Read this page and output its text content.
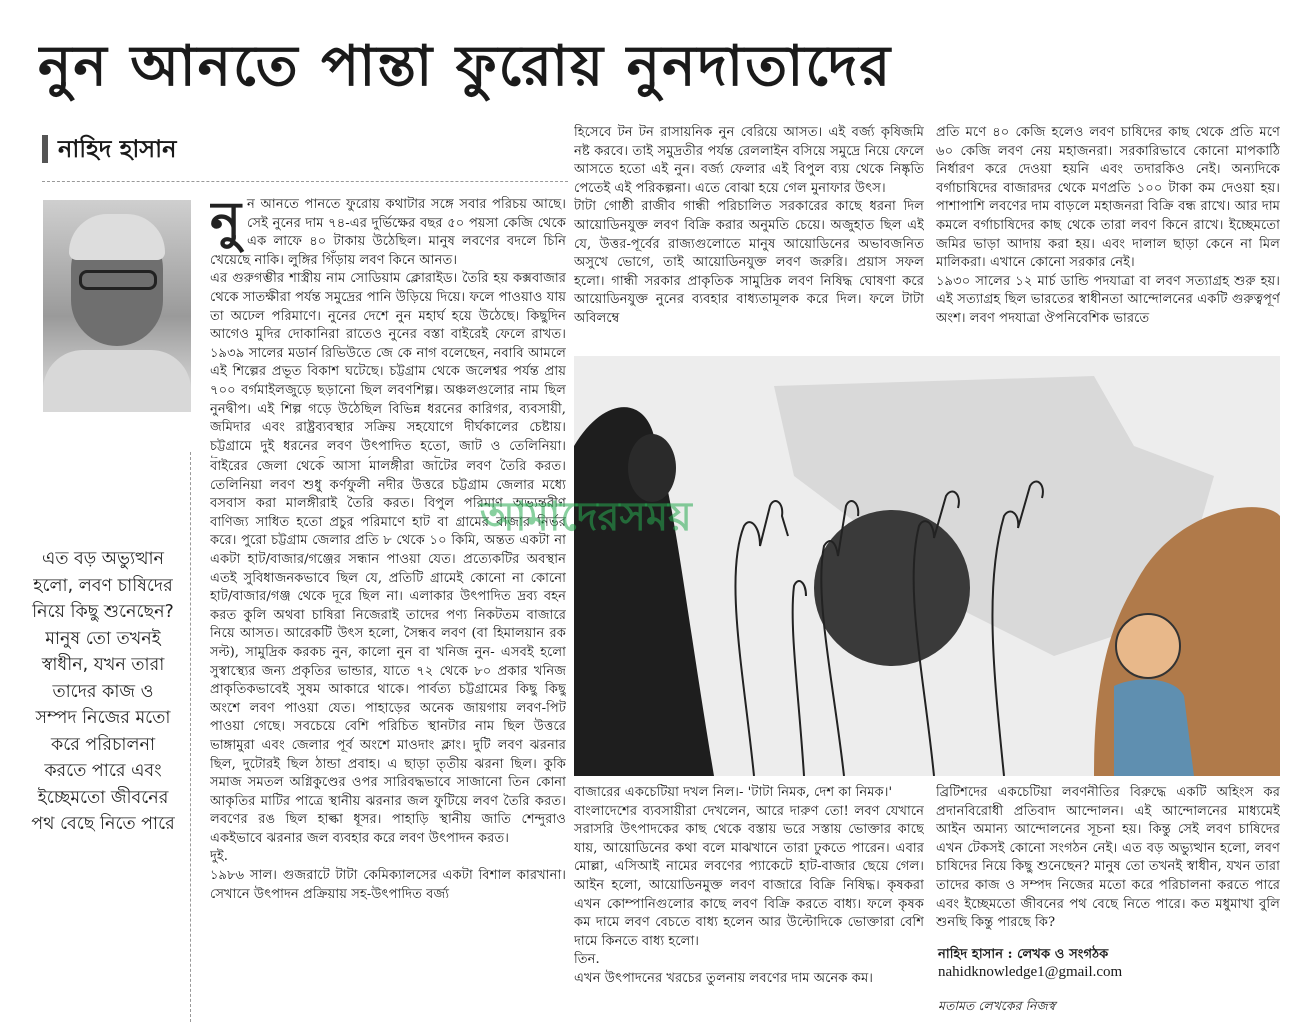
নুন আনতে পান্তা ফুরোয় নুনদাতাদের
নাহিদ হাসান

নুন আনতে পানতে ফুরোয় কথাটার সঙ্গে সবার পরিচয় আছে। সেই নুনের দাম ৭৪-এর দুর্ভিক্ষের বছর ৫০ পয়সা কেজি থেকে এক লাফে ৪০ টাকায় উঠেছিল। মানুষ লবণের বদলে চিনি খেয়েছে নাকি। লুঙ্গির গিঁড়ায় লবণ কিনে আনত।

এর গুরুগম্ভীর শাস্ত্রীয় নাম সোডিয়াম ক্লোরাইড। তৈরি হয় কক্সবাজার থেকে সাতক্ষীরা পর্যন্ত সমুদ্রের পানি উড়িয়ে দিয়ে। ফলে পাওয়াও যায় তা অঢেল পরিমাণে। নুনের দেশে নুন মহার্ঘ হয়ে উঠেছে। কিছুদিন আগেও মুদির দোকানিরা রাতেও নুনের বস্তা বাইরেই ফেলে রাখত। ১৯৩৯ সালের মডার্ন রিভিউতে জে কে নাগ বলেছেন, নবাবি আমলে এই শিল্পের প্রভূত বিকাশ ঘটেছে। চট্টগ্রাম থেকে জলেশ্বর পর্যন্ত প্রায় ৭০০ বর্গমাইলজুড়ে ছড়ানো ছিল লবণশিল্প। অঞ্চলগুলোর নাম ছিল নুনদ্বীপ। এই শিল্প গড়ে উঠেছিল বিভিন্ন ধরনের কারিগর, ব্যবসায়ী, জমিদার এবং রাষ্ট্রব্যবস্থার সক্রিয় সহযোগে দীর্ঘকালের চেষ্টায়। চট্টগ্রামে দুই ধরনের লবণ উৎপাদিত হতো, জাট ও তেলিনিয়া।

বাইরের জেলা থেকে আসা মালঙ্গীরা জাটের লবণ তৈরি করত। তেলিনিয়া লবণ শুধু কর্ণফুলী নদীর উত্তরে চট্টগ্রাম জেলার মধ্যে বসবাস করা মালঙ্গীরাই তৈরি করত। বিপুল পরিমাণ অভ্যন্তরীণ বাণিজ্য সাধিত হতো প্রচুর পরিমাণে হাট বা গ্রামের বাজার নির্ভর করে। পুরো চট্টগ্রাম জেলার প্রতি ৮ থেকে ১০ কিমি, অন্তত একটা না একটা হাট/বাজার/গঞ্জের সন্ধান পাওয়া যেত। প্রত্যেকটির অবস্থান এতই সুবিধাজনকভাবে ছিল যে, প্রতিটি গ্রামেই কোনো না কোনো হাট/বাজার/গঞ্জ থেকে দূরে ছিল না। এলাকার উৎপাদিত দ্রব্য বহন করত কুলি অথবা চাষিরা নিজেরাই তাদের পণ্য নিকটতম বাজারে নিয়ে আসত। আরেকটি উৎস হলো, সৈন্ধব লবণ (বা হিমালয়ান রক সল্ট), সামুদ্রিক করকচ নুন, কালো নুন বা খনিজ নুন- এসবই হলো সুস্বাস্থ্যের জন্য প্রকৃতির ভান্ডার, যাতে ৭২ থেকে ৮০ প্রকার খনিজ প্রাকৃতিকভাবেই সুষম আকারে থাকে। পার্বত্য চট্টগ্রামের কিছু কিছু অংশে লবণ পাওয়া যেত। পাহাড়ের অনেক জায়গায় লবণ-পিট পাওয়া গেছে। সবচেয়ে বেশি পরিচিত স্থানটার নাম ছিল উত্তরে ভাঙ্গামুরা এবং জেলার পূর্ব অংশে মাওদাং ক্লাং। দুটি লবণ ঝরনার ছিল, দুটোরই ছিল ঠান্ডা প্রবাহ। এ ছাড়া তৃতীয় ঝরনা ছিল। কুকি সমাজ সমতল অগ্নিকুণ্ডের ওপর সারিবদ্ধভাবে সাজানো তিন কোনা আকৃতির মাটির পাত্রে স্থানীয় ঝরনার জল ফুটিয়ে লবণ তৈরি করত। লবণের রঙ ছিল হাল্কা ধূসর। পাহাড়ি স্থানীয় জাতি শেন্দুরাও একইভাবে ঝরনার জল ব্যবহার করে লবণ উৎপাদন করত।

দুই.

১৯৮৬ সাল। গুজরাটে টাটা কেমিক্যালসের একটা বিশাল কারখানা। সেখানে উৎপাদন প্রক্রিয়ায় সহ-উৎপাদিত বর্জ্য

এত বড় অভ্যুত্থান হলো, লবণ চাষিদের নিয়ে কিছু শুনেছেন? মানুষ তো তখনই স্বাধীন, যখন তারা তাদের কাজ ও সম্পদ নিজের মতো করে পরিচালনা করতে পারে এবং ইচ্ছেমতো জীবনের পথ বেছে নিতে পারে

হিসেবে টন টন রাসায়নিক নুন বেরিয়ে আসত। এই বর্জ্য কৃষিজমি নষ্ট করবে। তাই সমুদ্রতীর পর্যন্ত রেললাইন বসিয়ে সমুদ্রে নিয়ে ফেলে আসতে হতো এই নুন। বর্জ্য ফেলার এই বিপুল ব্যয় থেকে নিষ্কৃতি পেতেই এই পরিকল্পনা। এতে বোঝা হয়ে গেল মুনাফার উৎস।

টাটা গোষ্ঠী রাজীব গান্ধী পরিচালিত সরকারের কাছে ধরনা দিল আয়োডিনযুক্ত লবণ বিক্রি করার অনুমতি চেয়ে। অজুহাত ছিল এই যে, উত্তর-পূর্বের রাজ্যগুলোতে মানুষ আয়োডিনের অভাবজনিত অসুখে ভোগে, তাই আয়োডিনযুক্ত লবণ জরুরি। প্রয়াস সফল হলো। গান্ধী সরকার প্রাকৃতিক সামুদ্রিক লবণ নিষিদ্ধ ঘোষণা করে আয়োডিনযুক্ত নুনের ব্যবহার বাধ্যতামূলক করে দিল। ফলে টাটা অবিলম্বে

প্রতি মণে ৪০ কেজি হলেও লবণ চাষিদের কাছ থেকে প্রতি মণে ৬০ কেজি লবণ নেয় মহাজনরা। সরকারিভাবে কোনো মাপকাঠি নির্ধারণ করে দেওয়া হয়নি এবং তদারকিও নেই। অন্যদিকে বর্গাচাষিদের বাজারদর থেকে মণপ্রতি ১০০ টাকা কম দেওয়া হয়। পাশাপাশি লবণের দাম বাড়লে মহাজনরা বিক্রি বন্ধ রাখে। আর দাম কমলে বর্গাচাষিদের কাছ থেকে তারা লবণ কিনে রাখে। ইচ্ছেমতো জমির ভাড়া আদায় করা হয়। এবং দালাল ছাড়া কেনে না মিল মালিকরা। এখানে কোনো সরকার নেই।

১৯৩০ সালের ১২ মার্চ ডান্ডি পদযাত্রা বা লবণ সত্যাগ্রহ শুরু হয়। এই সত্যাগ্রহ ছিল ভারতের স্বাধীনতা আন্দোলনের একটি গুরুত্বপূর্ণ অংশ। লবণ পদযাত্রা ঔপনিবেশিক ভারতে

আমাদেরসময়

বাজারের একচেটিয়া দখল নিল।- 'টাটা নিমক, দেশ কা নিমক।'

বাংলাদেশের ব্যবসায়ীরা দেখলেন, আরে দারুণ তো! লবণ যেখানে সরাসরি উৎপাদকের কাছ থেকে বস্তায় ভরে সস্তায় ভোক্তার কাছে যায়, আয়োডিনের কথা বলে মাঝখানে তারা ঢুকতে পারেন। এবার মোল্লা, এসিআই নামের লবণের প্যাকেটে হাট-বাজার ছেয়ে গেল। আইন হলো, আয়োডিনমুক্ত লবণ বাজারে বিক্রি নিষিদ্ধ। কৃষকরা এখন কোম্পানিগুলোর কাছে লবণ বিক্রি করতে বাধ্য। ফলে কৃষক কম দামে লবণ বেচতে বাধ্য হলেন আর উল্টোদিকে ভোক্তারা বেশি দামে কিনতে বাধ্য হলো।

তিন.

এখন উৎপাদনের খরচের তুলনায় লবণের দাম অনেক কম।

ব্রিটিশদের একচেটিয়া লবণনীতির বিরুদ্ধে একটি অহিংস কর প্রদানবিরোধী প্রতিবাদ আন্দোলন। এই আন্দোলনের মাধ্যমেই আইন অমান্য আন্দোলনের সূচনা হয়। কিন্তু সেই লবণ চাষিদের এখন টেকসই কোনো সংগঠন নেই। এত বড় অভ্যুত্থান হলো, লবণ চাষিদের নিয়ে কিছু শুনেছেন? মানুষ তো তখনই স্বাধীন, যখন তারা তাদের কাজ ও সম্পদ নিজের মতো করে পরিচালনা করতে পারে এবং ইচ্ছেমতো জীবনের পথ বেছে নিতে পারে। কত মধুমাখা বুলি শুনছি কিন্তু পারছে কি?

নাহিদ হাসান : লেখক ও সংগঠক
nahidknowledge1@gmail.com
মতামত লেখকের নিজস্ব
